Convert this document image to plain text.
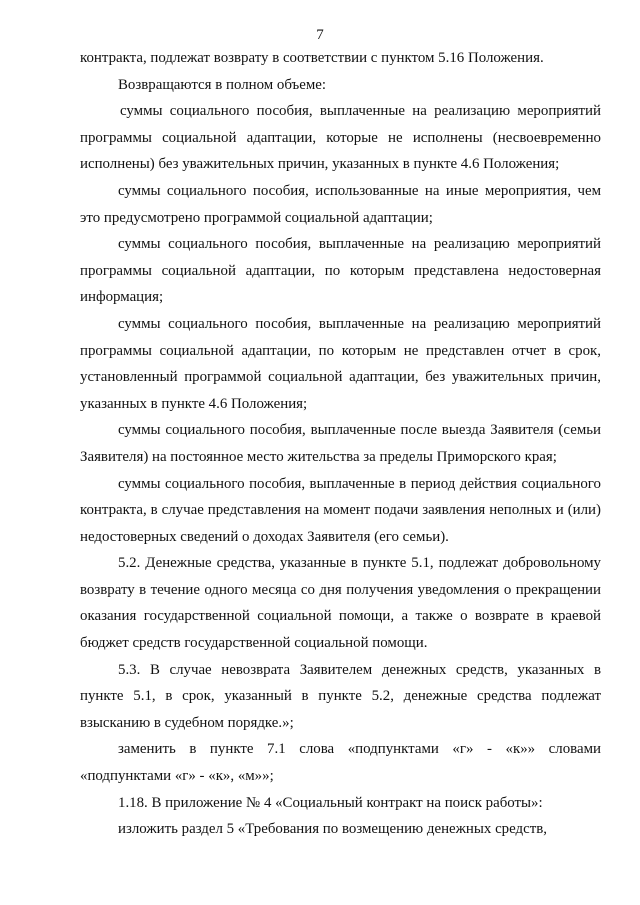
7

контракта, подлежат возврату в соответствии с пунктом 5.16 Положения.

Возвращаются в полном объеме:

суммы социального пособия, выплаченные на реализацию мероприятий программы социальной адаптации, которые не исполнены (несвоевременно исполнены) без уважительных причин, указанных в пункте 4.6 Положения;

суммы социального пособия, использованные на иные мероприятия, чем это предусмотрено программой социальной адаптации;

суммы социального пособия, выплаченные на реализацию мероприятий программы социальной адаптации, по которым представлена недостоверная информация;

суммы социального пособия, выплаченные на реализацию мероприятий программы социальной адаптации, по которым не представлен отчет в срок, установленный программой социальной адаптации, без уважительных причин, указанных в пункте 4.6 Положения;

суммы социального пособия, выплаченные после выезда Заявителя (семьи Заявителя) на постоянное место жительства за пределы Приморского края;

суммы социального пособия, выплаченные в период действия социального контракта, в случае представления на момент подачи заявления неполных и (или) недостоверных сведений о доходах Заявителя (его семьи).

5.2. Денежные средства, указанные в пункте 5.1, подлежат добровольному возврату в течение одного месяца со дня получения уведомления о прекращении оказания государственной социальной помощи, а также о возврате в краевой бюджет средств государственной социальной помощи.

5.3. В случае невозврата Заявителем денежных средств, указанных в пункте 5.1, в срок, указанный в пункте 5.2, денежные средства подлежат взысканию в судебном порядке.»;

заменить в пункте 7.1 слова «подпунктами «г» - «к»» словами «подпунктами «г» - «к», «м»»;

1.18. В приложение № 4 «Социальный контракт на поиск работы»:

изложить раздел 5 «Требования по возмещению денежных средств,
